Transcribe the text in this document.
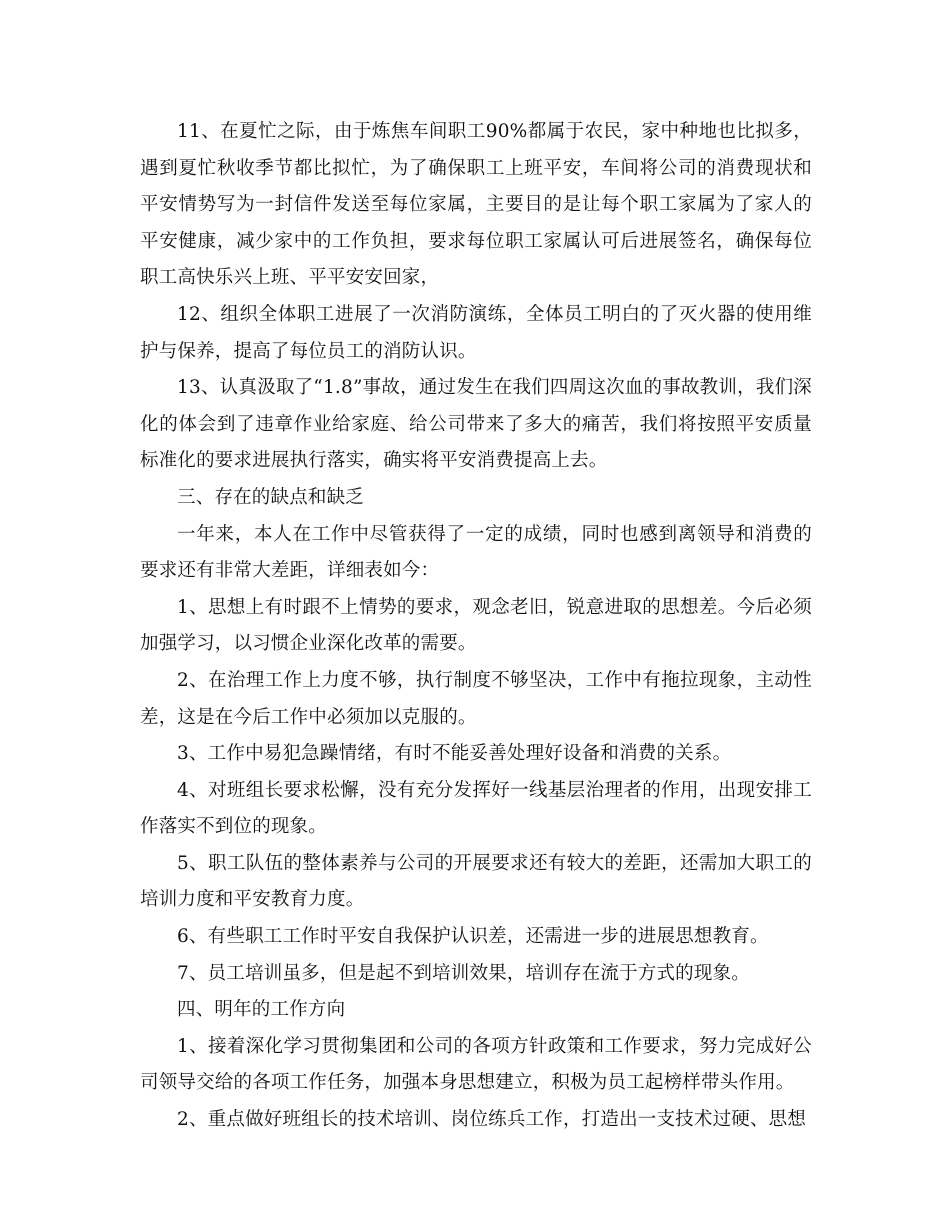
11、在夏忙之际，由于炼焦车间职工90%都属于农民，家中种地也比拟多，遇到夏忙秋收季节都比拟忙，为了确保职工上班平安，车间将公司的消费现状和平安情势写为一封信件发送至每位家属，主要目的是让每个职工家属为了家人的平安健康，减少家中的工作负担，要求每位职工家属认可后进展签名，确保每位职工高快乐兴上班、平平安安回家，

12、组织全体职工进展了一次消防演练，全体员工明白的了灭火器的使用维护与保养，提高了每位员工的消防认识。

13、认真汲取了“1.8”事故，通过发生在我们四周这次血的事故教训，我们深化的体会到了违章作业给家庭、给公司带来了多大的痛苦，我们将按照平安质量标准化的要求进展执行落实，确实将平安消费提高上去。

三、存在的缺点和缺乏

一年来，本人在工作中尽管获得了一定的成绩，同时也感到离领导和消费的要求还有非常大差距，详细表如今：

1、思想上有时跟不上情势的要求，观念老旧，锐意进取的思想差。今后必须加强学习，以习惯企业深化改革的需要。

2、在治理工作上力度不够，执行制度不够坚决，工作中有拖拉现象，主动性差，这是在今后工作中必须加以克服的。

3、工作中易犯急躁情绪，有时不能妥善处理好设备和消费的关系。

4、对班组长要求松懈，没有充分发挥好一线基层治理者的作用，出现安排工作落实不到位的现象。

5、职工队伍的整体素养与公司的开展要求还有较大的差距，还需加大职工的培训力度和平安教育力度。

6、有些职工工作时平安自我保护认识差，还需进一步的进展思想教育。

7、员工培训虽多，但是起不到培训效果，培训存在流于方式的现象。

四、明年的工作方向

1、接着深化学习贯彻集团和公司的各项方针政策和工作要求，努力完成好公司领导交给的各项工作任务，加强本身思想建立，积极为员工起榜样带头作用。

2、重点做好班组长的技术培训、岗位练兵工作，打造出一支技术过硬、思想
